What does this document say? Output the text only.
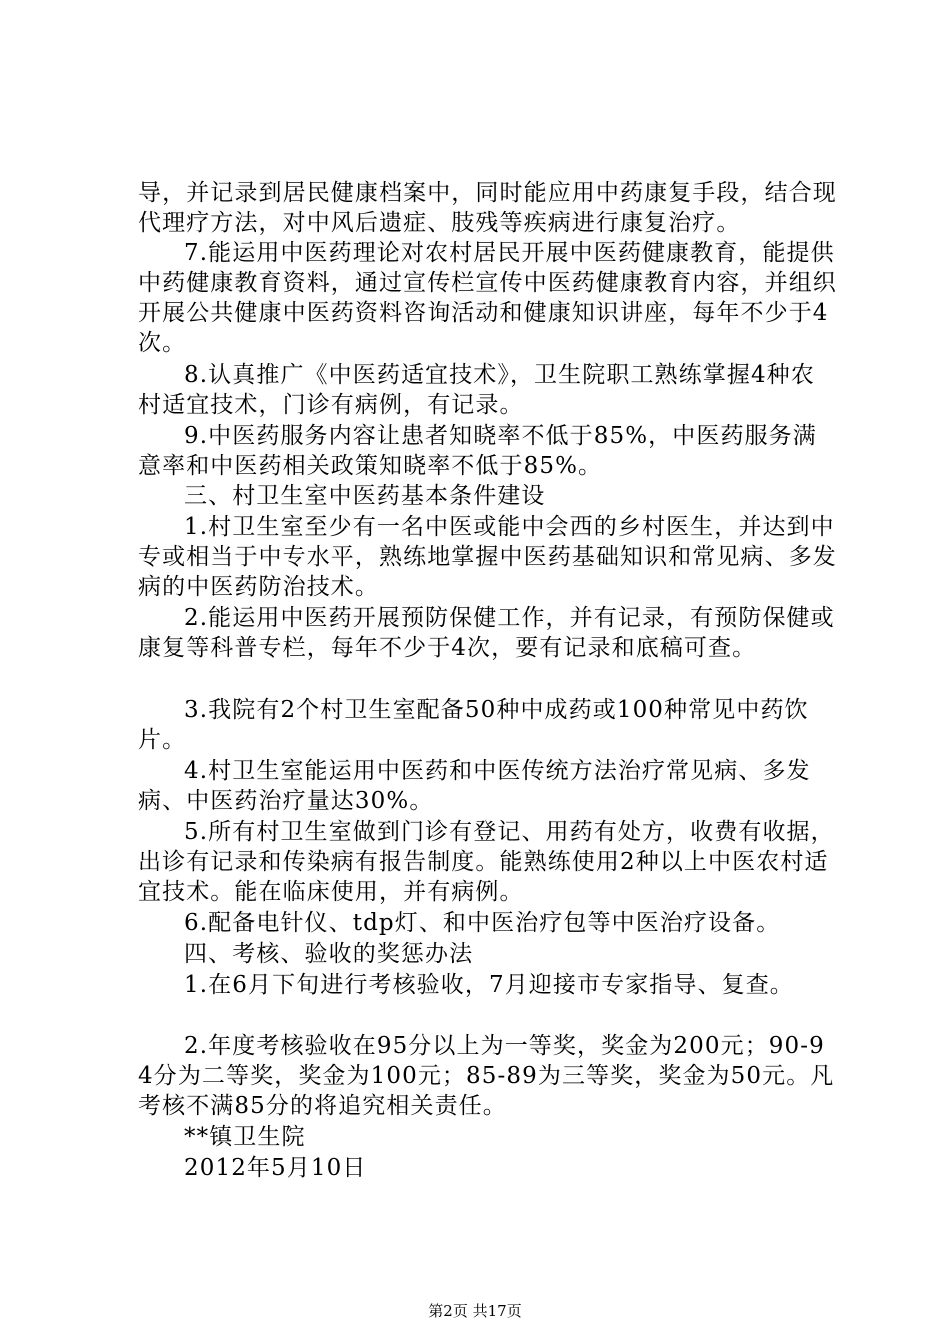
导，并记录到居民健康档案中，同时能应用中药康复手段，结合现代理疗方法，对中风后遗症、肢残等疾病进行康复治疗。
7.能运用中医药理论对农村居民开展中医药健康教育，能提供中药健康教育资料，通过宣传栏宣传中医药健康教育内容，并组织开展公共健康中医药资料咨询活动和健康知识讲座，每年不少于4次。
8.认真推广《中医药适宜技术》，卫生院职工熟练掌握4种农村适宜技术，门诊有病例，有记录。
9.中医药服务内容让患者知晓率不低于85%，中医药服务满意率和中医药相关政策知晓率不低于85%。
三、村卫生室中医药基本条件建设
1.村卫生室至少有一名中医或能中会西的乡村医生，并达到中专或相当于中专水平，熟练地掌握中医药基础知识和常见病、多发病的中医药防治技术。
2.能运用中医药开展预防保健工作，并有记录，有预防保健或康复等科普专栏，每年不少于4次，要有记录和底稿可查。
3.我院有2个村卫生室配备50种中成药或100种常见中药饮片。
4.村卫生室能运用中医药和中医传统方法治疗常见病、多发病、中医药治疗量达30%。
5.所有村卫生室做到门诊有登记、用药有处方，收费有收据，出诊有记录和传染病有报告制度。能熟练使用2种以上中医农村适宜技术。能在临床使用，并有病例。
6.配备电针仪、tdp灯、和中医治疗包等中医治疗设备。
四、考核、验收的奖惩办法
1.在6月下旬进行考核验收，7月迎接市专家指导、复查。
2.年度考核验收在95分以上为一等奖，奖金为200元；90-94分为二等奖，奖金为100元；85-89为三等奖，奖金为50元。凡考核不满85分的将追究相关责任。
**镇卫生院
2012年5月10日
第2页 共17页
